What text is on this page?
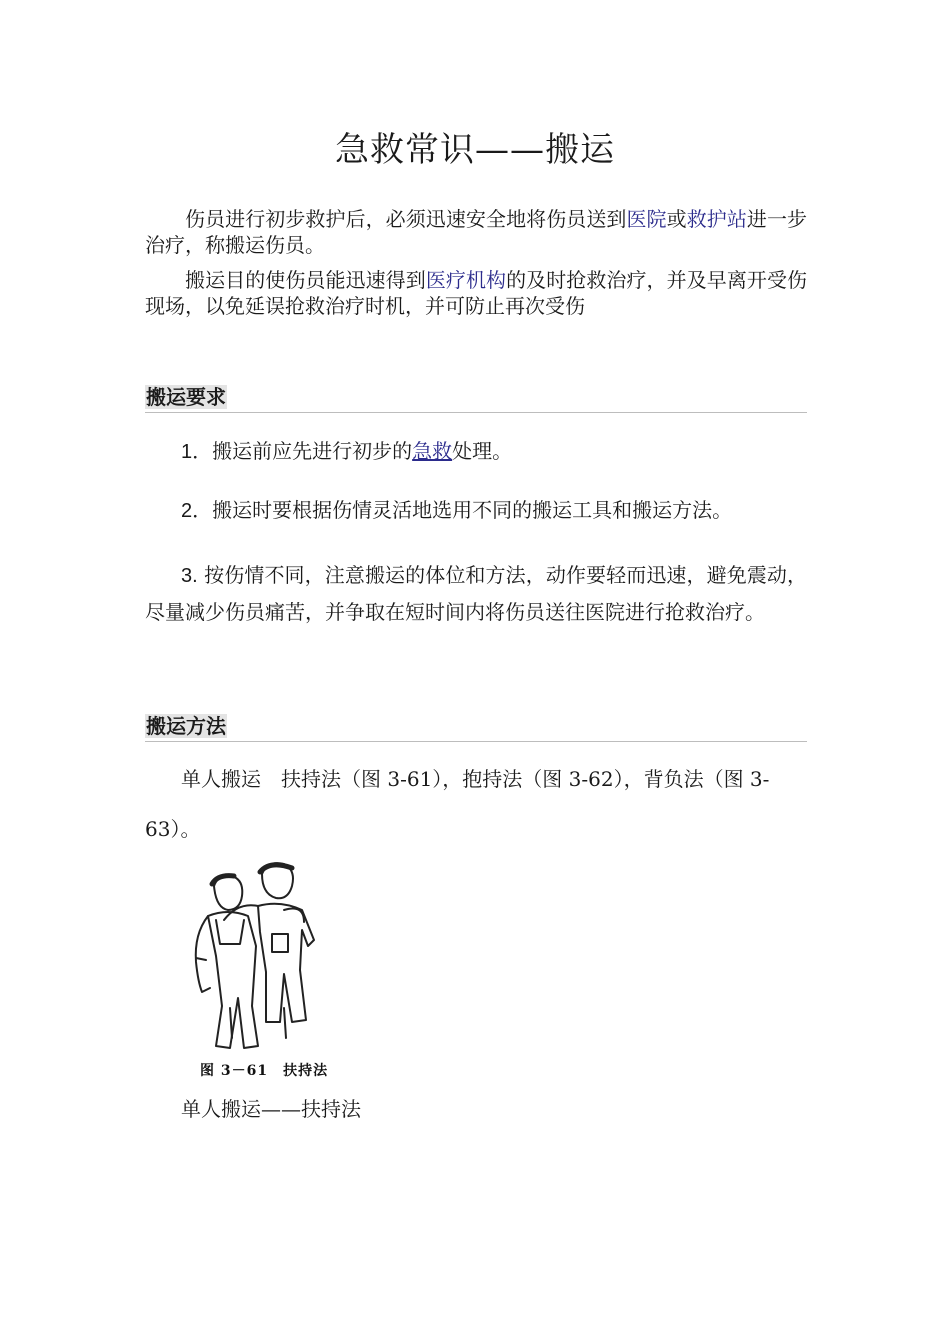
急救常识——搬运
伤员进行初步救护后，必须迅速安全地将伤员送到医院或救护站进一步治疗，称搬运伤员。
搬运目的使伤员能迅速得到医疗机构的及时抢救治疗，并及早离开受伤现场，以免延误抢救治疗时机，并可防止再次受伤
搬运要求
1．搬运前应先进行初步的急救处理。
2．搬运时要根据伤情灵活地选用不同的搬运工具和搬运方法。
3. 按伤情不同，注意搬运的体位和方法，动作要轻而迅速，避免震动，尽量减少伤员痛苦，并争取在短时间内将伤员送往医院进行抢救治疗。
搬运方法
单人搬运　扶持法（图 3-61），抱持法（图 3-62），背负法（图 3-
63）。
图 3－61　扶持法
单人搬运——扶持法
